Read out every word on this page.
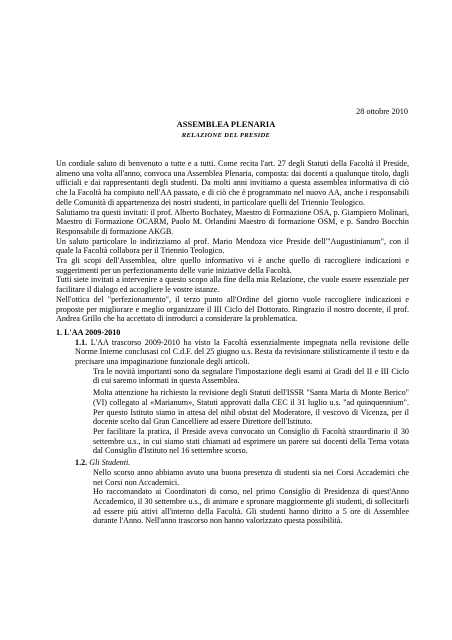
28 ottobre 2010
ASSEMBLEA PLENARIA
RELAZIONE DEL PRESIDE

Un cordiale saluto di benvenuto a tutte e a tutti. Come recita l'art. 27 degli Statuti della Facoltà il Preside, almeno una volta all'anno, convoca una Assemblea Plenaria, composta: dai docenti a qualunque titolo, dagli ufficiali e dai rappresentanti degli studenti. Da molti anni invitiamo a questa assemblea informativa di ciò che la Facoltà ha compiuto nell'AA passato, e di ciò che è programmato nel nuovo AA, anche i responsabili delle Comunità di appartenenza dei nostri studenti, in particolare quelli del Triennio Teologico.

Salutiamo tra questi invitati: il prof. Alberto Bochatey, Maestro di Formazione OSA, p. Giampiero Molinari, Maestro di Formazione OCARM, Paolo M. Orlandini Maestro di formazione OSM, e p. Sandro Bocchin Responsabile di formazione AKGB.

Un saluto particolare lo indirizziamo al prof. Mario Mendoza vice Preside dell'"Augustinianum", con il quale la Facoltà collabora per il Triennio Teologico.

Tra gli scopi dell'Assemblea, oltre quello informativo vi è anche quello di raccogliere indicazioni e suggerimenti per un perfezionamento delle varie iniziative della Facoltà.

Tutti siete invitati a intervenire a questo scopo alla fine della mia Relazione, che vuole essere essenziale per facilitare il dialogo ed accogliere le vostre istanze.

Nell'ottica del "perfezionamento", il terzo punto all'Ordine del giorno vuole raccogliere indicazioni e proposte per migliorare e meglio organizzare il III Ciclo del Dottorato. Ringrazio il nostro docente, il prof. Andrea Grillo che ha accettato di introdurci a considerare la problematica.

1. L'AA 2009-2010

1.1. L'AA trascorso 2009-2010 ha visto la Facoltà essenzialmente impegnata nella revisione delle Norme Interne conclusasi col C.d.F. del 25 giugno u.s. Resta da revisionare stilisticamente il testo e da precisare una impaginazione funzionale degli articoli.

Tra le novità importanti sono da segnalare l'impostazione degli esami ai Gradi del II e III Ciclo di cui saremo informati in questa Assemblea.

Molta attenzione ha richiesto la revisione degli Statuti dell'ISSR "Santa Maria di Monte Berico" (VI) collegato al «Marianum», Statuti approvati dalla CEC il 31 luglio u.s. "ad quinquennium". Per questo Istituto siamo in attesa del nihil obstat del Moderatore, il vescovo di Vicenza, per il docente scelto dal Gran Cancelliere ad essere Direttore dell'Istituto.

Per facilitare la pratica, il Preside aveva convocato un Consiglio di Facoltà straordinario il 30 settembre u.s., in cui siamo stati chiamati ad esprimere un parere sui docenti della Terna votata dal Consiglio d'Istituto nel 16 settembre scorso.

1.2. Gli Studenti.

Nello scorso anno abbiamo avuto una buona presenza di studenti sia nei Corsi Accademici che nei Corsi non Accademici.

Ho raccomandato ai Coordinatori di corso, nel primo Consiglio di Presidenza di quest'Anno Accademico, il 30 settembre u.s., di animare e spronare maggiormente gli studenti, di sollecitarli ad essere più attivi all'interno della Facoltà. Gli studenti hanno diritto a 5 ore di Assemblee durante l'Anno. Nell'anno trascorso non hanno valorizzato questa possibilità.
